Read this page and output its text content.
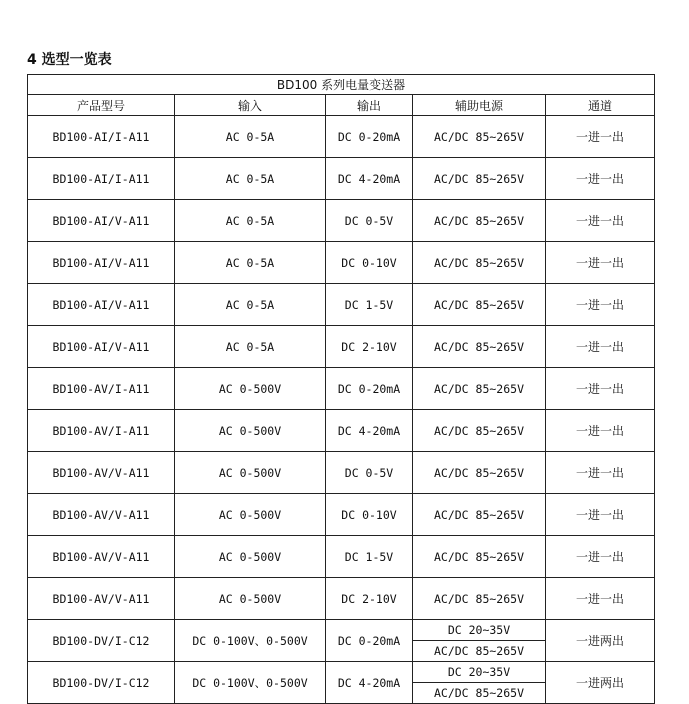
4 选型一览表
BD100 系列电量变送器				
产品型号	输入	输出	辅助电源	通道
BD100-AI/I-A11	AC 0-5A	DC 0-20mA	AC/DC 85~265V	一进一出
BD100-AI/I-A11	AC 0-5A	DC 4-20mA	AC/DC 85~265V	一进一出
BD100-AI/V-A11	AC 0-5A	DC 0-5V	AC/DC 85~265V	一进一出
BD100-AI/V-A11	AC 0-5A	DC 0-10V	AC/DC 85~265V	一进一出
BD100-AI/V-A11	AC 0-5A	DC 1-5V	AC/DC 85~265V	一进一出
BD100-AI/V-A11	AC 0-5A	DC 2-10V	AC/DC 85~265V	一进一出
BD100-AV/I-A11	AC 0-500V	DC 0-20mA	AC/DC 85~265V	一进一出
BD100-AV/I-A11	AC 0-500V	DC 4-20mA	AC/DC 85~265V	一进一出
BD100-AV/V-A11	AC 0-500V	DC 0-5V	AC/DC 85~265V	一进一出
BD100-AV/V-A11	AC 0-500V	DC 0-10V	AC/DC 85~265V	一进一出
BD100-AV/V-A11	AC 0-500V	DC 1-5V	AC/DC 85~265V	一进一出
BD100-AV/V-A11	AC 0-500V	DC 2-10V	AC/DC 85~265V	一进一出
BD100-DV/I-C12	DC 0-100V、0-500V	DC 0-20mA	DC 20~35V	一进两出
			AC/DC 85~265V	
BD100-DV/I-C12	DC 0-100V、0-500V	DC 4-20mA	DC 20~35V	一进两出
			AC/DC 85~265V	
